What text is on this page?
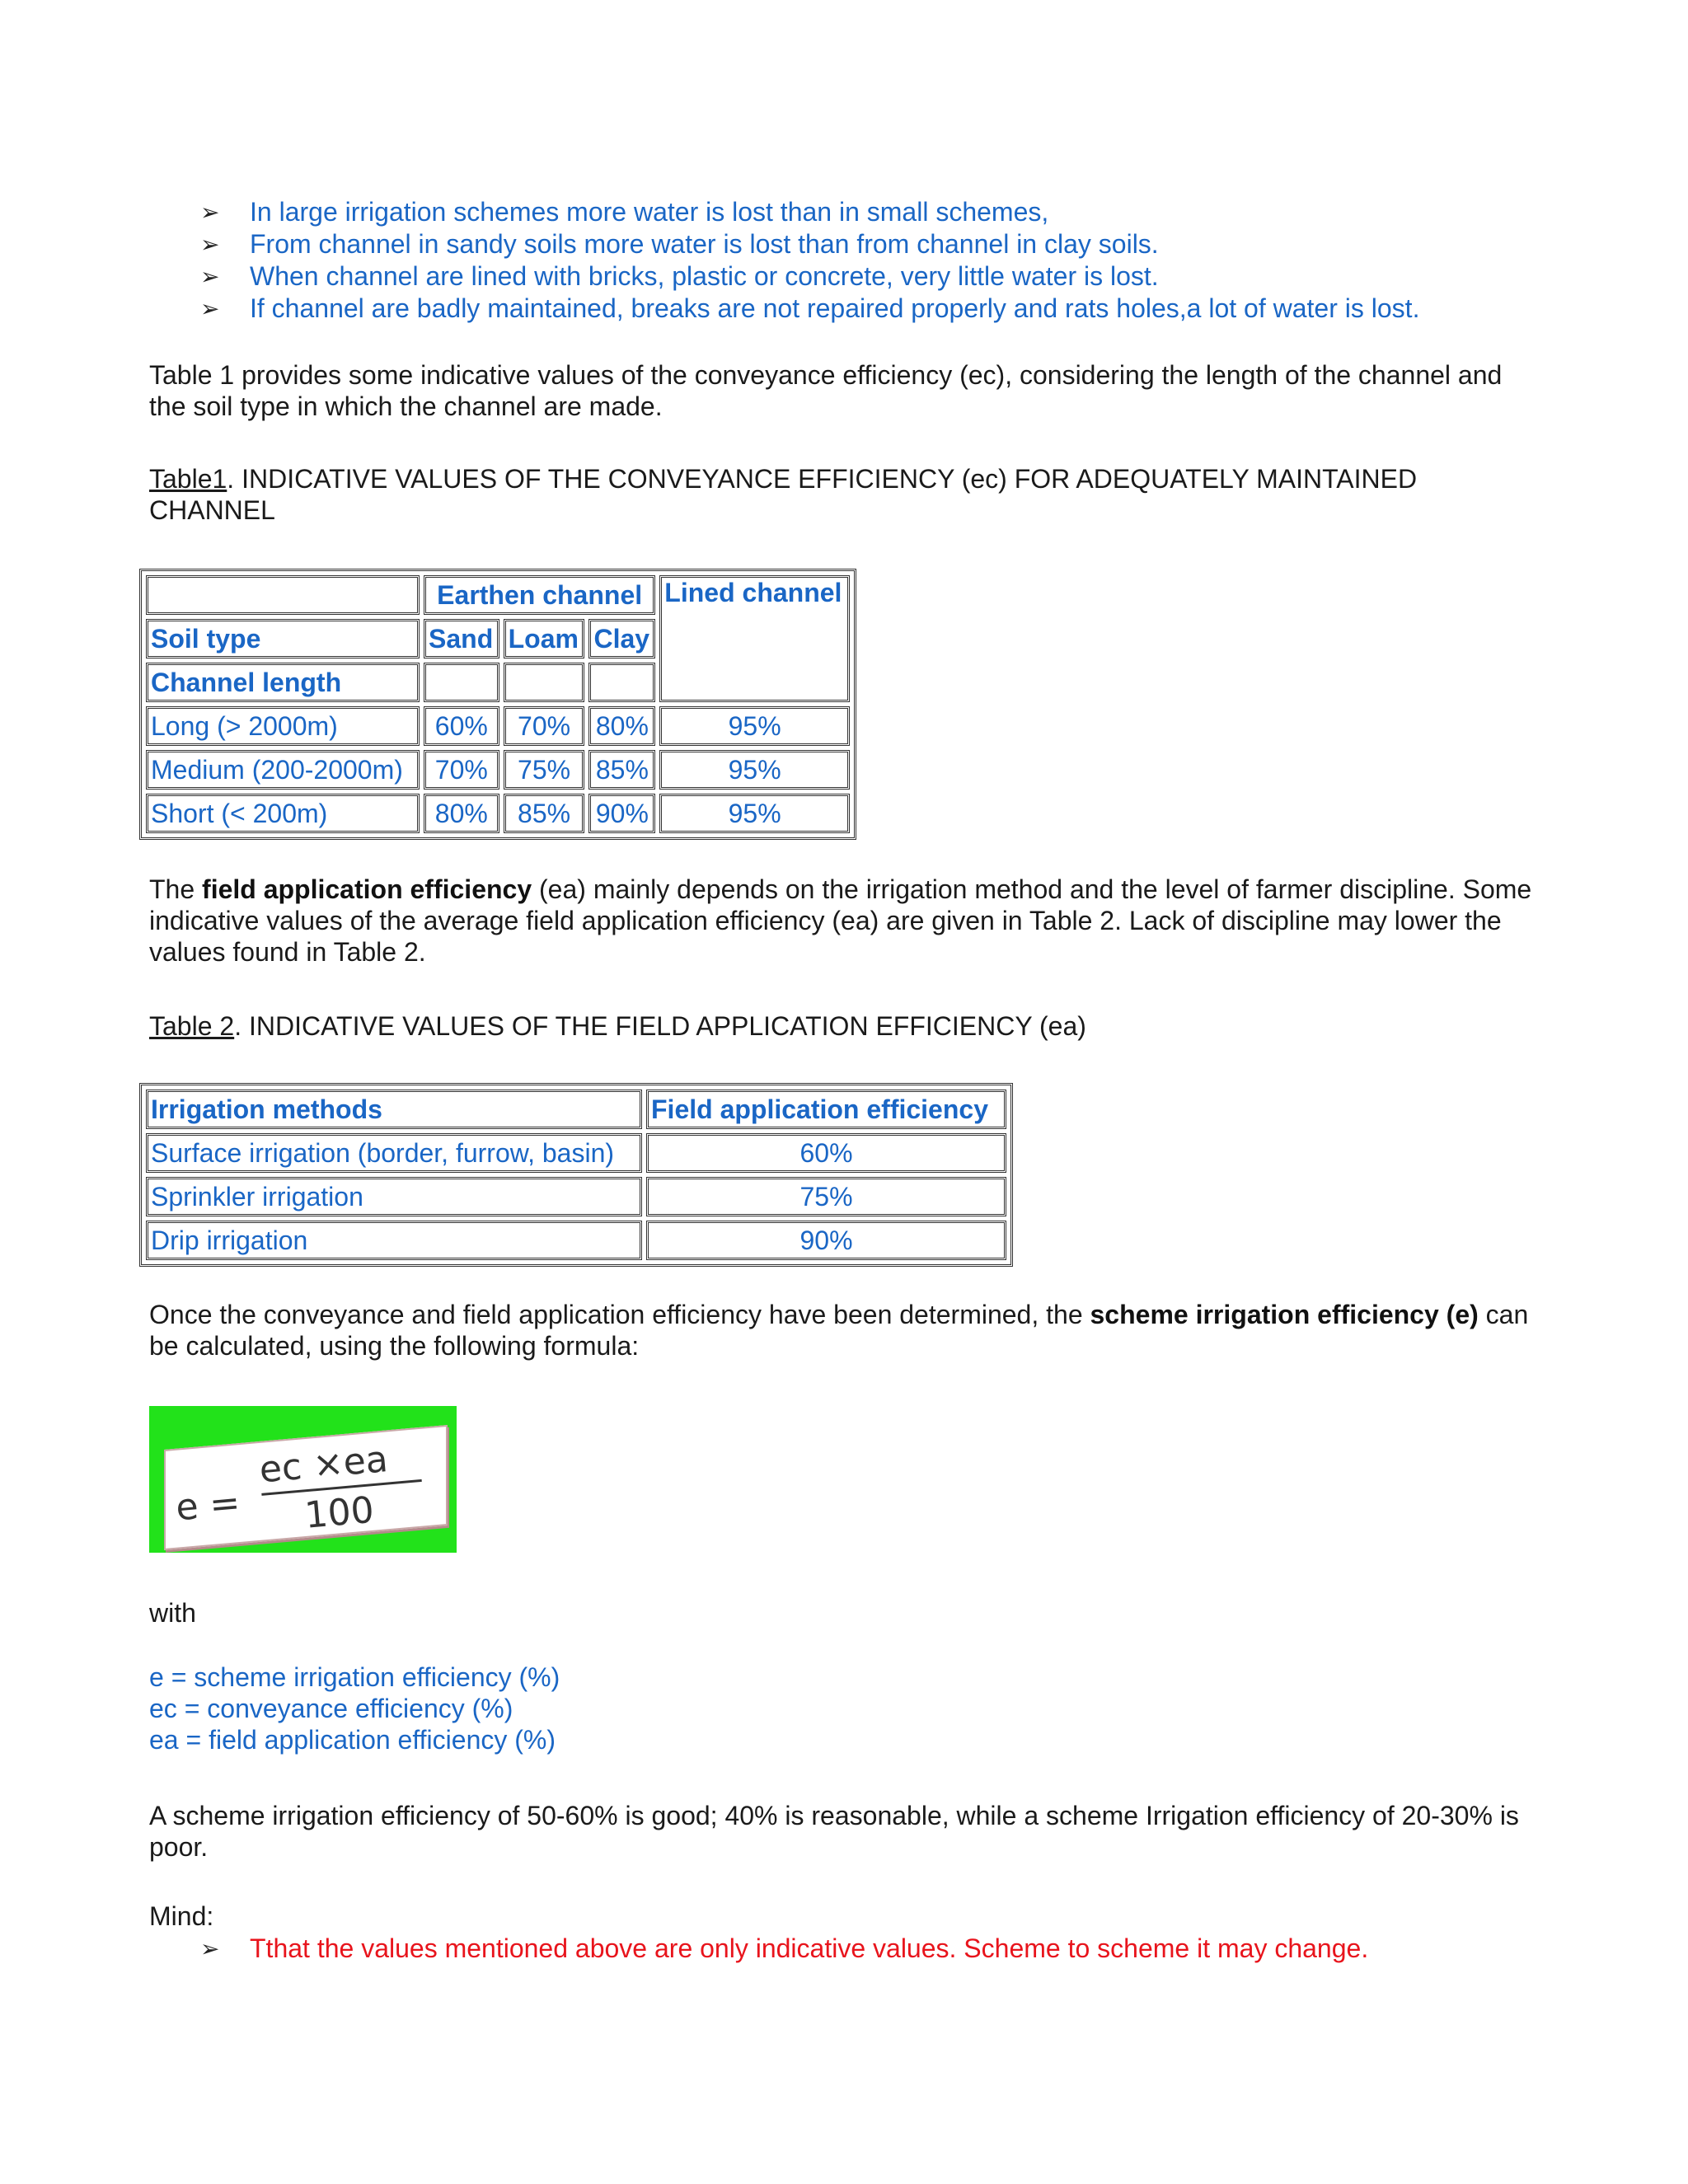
➢ In large irrigation schemes more water is lost than in small schemes,
➢ From channel in sandy soils more water is lost than from channel in clay soils.
➢ When channel are lined with bricks, plastic or concrete, very little water is lost.
➢ If channel are badly maintained, breaks are not repaired properly and rats holes,a lot of water is lost.
Table 1 provides some indicative values of the conveyance efficiency (ec), considering the length of the channel and the soil type in which the channel are made.
Table1. INDICATIVE VALUES OF THE CONVEYANCE EFFICIENCY (ec) FOR ADEQUATELY MAINTAINED CHANNEL
	Earthen channel			Lined channel
Soil type	Sand	Loam	Clay	
Channel length				
Long (> 2000m)	60%	70%	80%	95%
Medium (200-2000m)	70%	75%	85%	95%
Short (< 200m)	80%	85%	90%	95%
The field application efficiency (ea) mainly depends on the irrigation method and the level of farmer discipline. Some indicative values of the average field application efficiency (ea) are given in Table 2. Lack of discipline may lower the values found in Table 2.
Table 2. INDICATIVE VALUES OF THE FIELD APPLICATION EFFICIENCY (ea)
Irrigation methods	Field application efficiency
Surface irrigation (border, furrow, basin)	60%
Sprinkler irrigation	75%
Drip irrigation	90%
Once the conveyance and field application efficiency have been determined, the scheme irrigation efficiency (e) can be calculated, using the following formula:
ec ×ea
100
e =
with
e = scheme irrigation efficiency (%)
ec = conveyance efficiency (%)
ea = field application efficiency (%)
A scheme irrigation efficiency of 50-60% is good; 40% is reasonable, while a scheme Irrigation efficiency of 20-30% is poor.
Mind:
➢ Tthat the values mentioned above are only indicative values. Scheme to scheme it may change.
